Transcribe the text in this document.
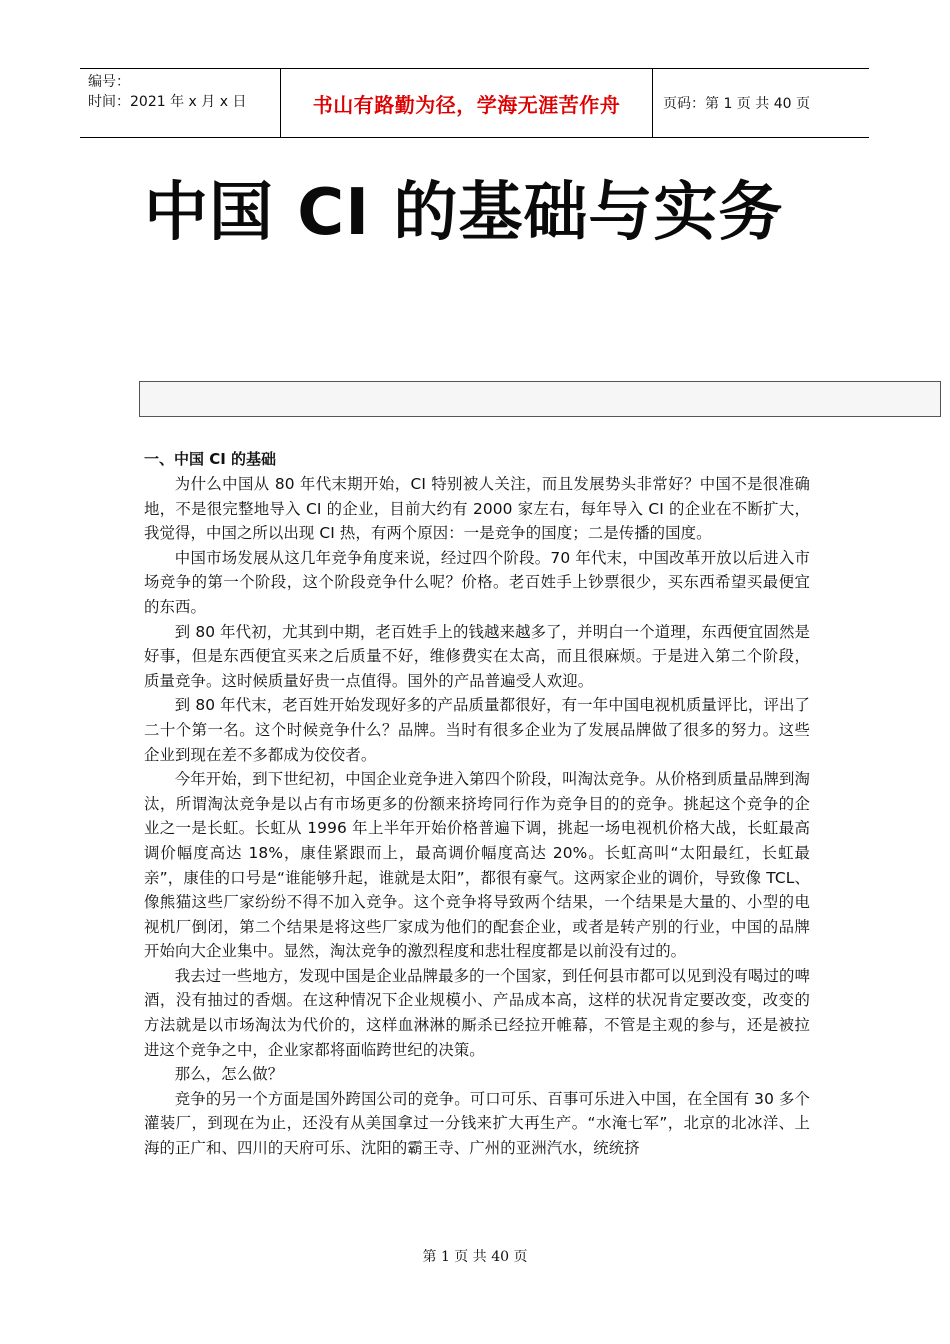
编号：
时间：2021 年 x 月 x 日	书山有路勤为径，学海无涯苦作舟	页码：第 1 页 共 40 页
中国 CI 的基础与实务

一、中国 CI 的基础

为什么中国从 80 年代末期开始，CI 特别被人关注，而且发展势头非常好？中国不是很准确地，不是很完整地导入 CI 的企业，目前大约有 2000 家左右，每年导入 CI 的企业在不断扩大，我觉得，中国之所以出现 CI 热，有两个原因：一是竞争的国度；二是传播的国度。

中国市场发展从这几年竞争角度来说，经过四个阶段。70 年代末，中国改革开放以后进入市场竞争的第一个阶段，这个阶段竞争什么呢？价格。老百姓手上钞票很少，买东西希望买最便宜的东西。

到 80 年代初，尤其到中期，老百姓手上的钱越来越多了，并明白一个道理，东西便宜固然是好事，但是东西便宜买来之后质量不好，维修费实在太高，而且很麻烦。于是进入第二个阶段，质量竞争。这时候质量好贵一点值得。国外的产品普遍受人欢迎。

到 80 年代末，老百姓开始发现好多的产品质量都很好，有一年中国电视机质量评比，评出了二十个第一名。这个时候竞争什么？品牌。当时有很多企业为了发展品牌做了很多的努力。这些企业到现在差不多都成为佼佼者。

今年开始，到下世纪初，中国企业竞争进入第四个阶段，叫淘汰竞争。从价格到质量品牌到淘汰，所谓淘汰竞争是以占有市场更多的份额来挤垮同行作为竞争目的的竞争。挑起这个竞争的企业之一是长虹。长虹从 1996 年上半年开始价格普遍下调，挑起一场电视机价格大战，长虹最高调价幅度高达 18%，康佳紧跟而上，最高调价幅度高达 20%。长虹高叫“太阳最红，长虹最亲”，康佳的口号是“谁能够升起，谁就是太阳”，都很有豪气。这两家企业的调价，导致像 TCL、像熊猫这些厂家纷纷不得不加入竞争。这个竞争将导致两个结果，一个结果是大量的、小型的电视机厂倒闭，第二个结果是将这些厂家成为他们的配套企业，或者是转产别的行业，中国的品牌开始向大企业集中。显然，淘汰竞争的激烈程度和悲壮程度都是以前没有过的。

我去过一些地方，发现中国是企业品牌最多的一个国家，到任何县市都可以见到没有喝过的啤酒，没有抽过的香烟。在这种情况下企业规模小、产品成本高，这样的状况肯定要改变，改变的方法就是以市场淘汰为代价的，这样血淋淋的厮杀已经拉开帷幕，不管是主观的参与，还是被拉进这个竞争之中，企业家都将面临跨世纪的决策。

那么，怎么做？

竞争的另一个方面是国外跨国公司的竞争。可口可乐、百事可乐进入中国，在全国有 30 多个灌装厂，到现在为止，还没有从美国拿过一分钱来扩大再生产。“水淹七军”，北京的北冰洋、上海的正广和、四川的天府可乐、沈阳的霸王寺、广州的亚洲汽水，统统挤

第 1 页 共 40 页
